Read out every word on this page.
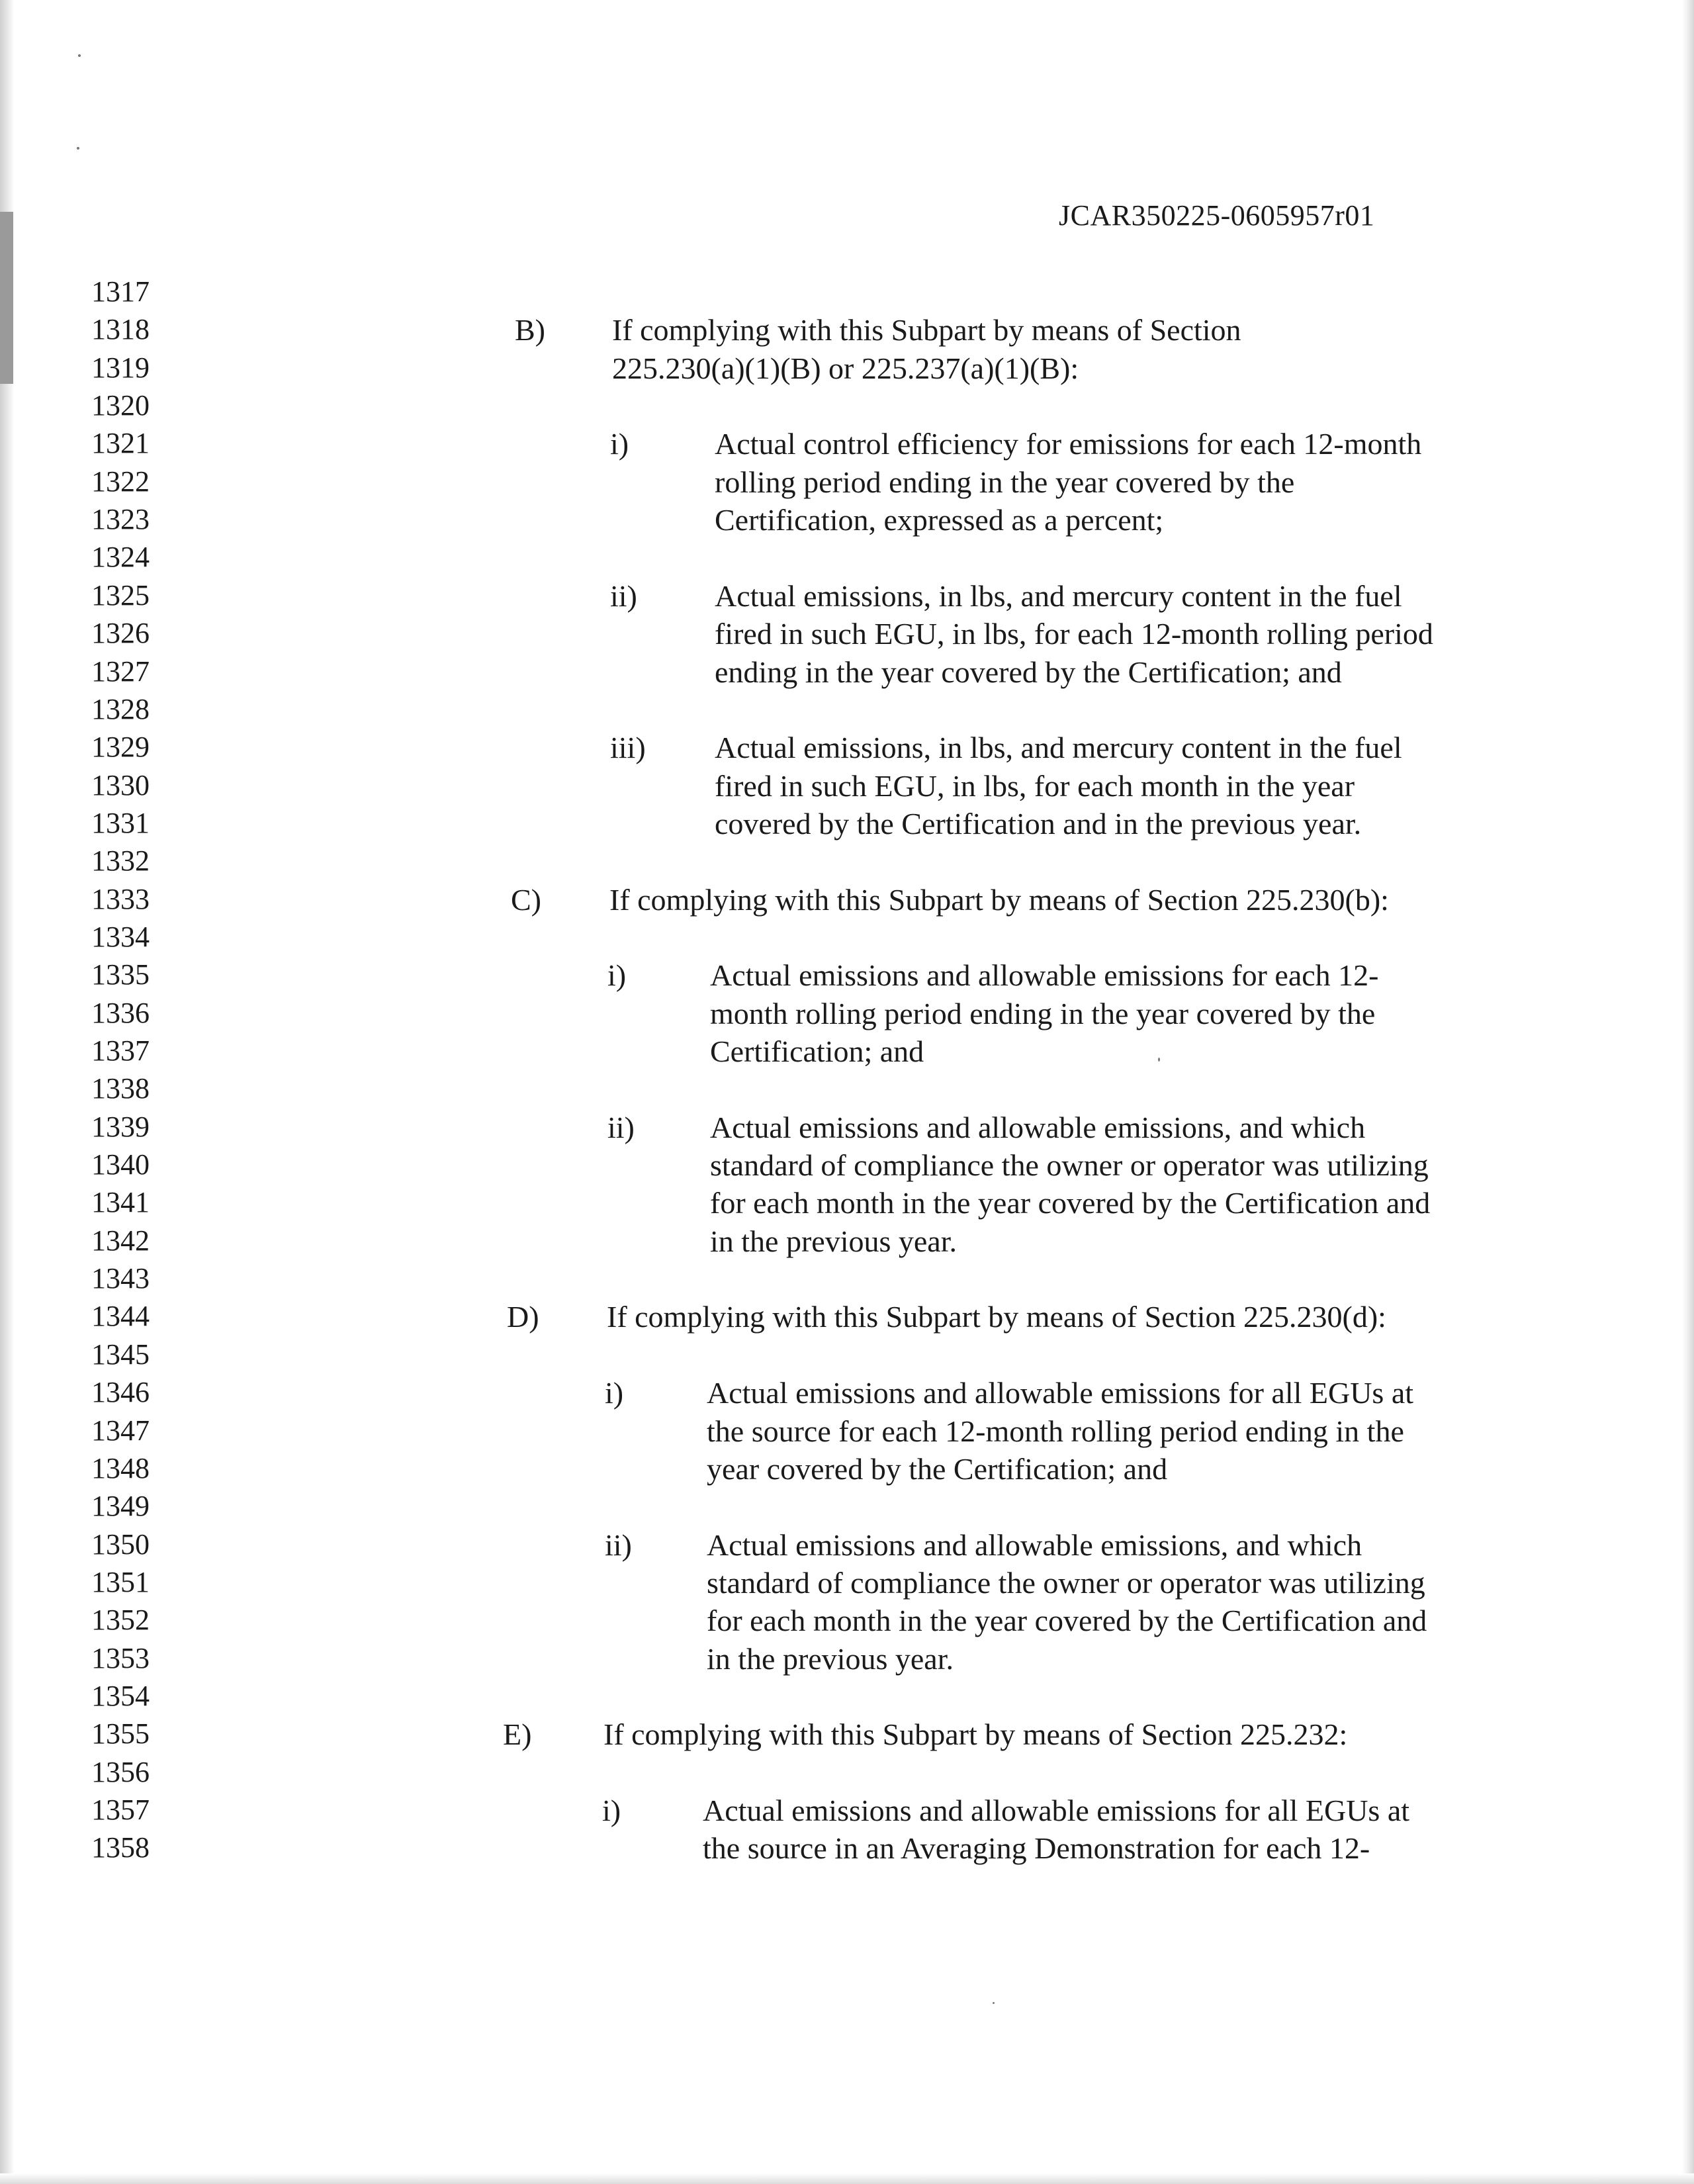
JCAR350225-0605957r01
1317
1318
1319
1320
1321
1322
1323
1324
1325
1326
1327
1328
1329
1330
1331
1332
1333
1334
1335
1336
1337
1338
1339
1340
1341
1342
1343
1344
1345
1346
1347
1348
1349
1350
1351
1352
1353
1354
1355
1356
1357
1358
B) If complying with this Subpart by means of Section
225.230(a)(1)(B) or 225.237(a)(1)(B):
i)	Actual control efficiency for emissions for each 12-month
rolling period ending in the year covered by the
Certification, expressed as a percent;
ii)	Actual emissions, in lbs, and mercury content in the fuel
fired in such EGU, in lbs, for each 12-month rolling period
ending in the year covered by the Certification; and
iii) Actual emissions, in lbs, and mercury content in the fuel
fired in such EGU, in lbs, for each month in the year
covered by the Certification and in the previous year.
C) If complying with this Subpart by means of Section 225.230(b):
i)	Actual emissions and allowable emissions for each 12-
month rolling period ending in the year covered by the
Certification; and
ii) Actual emissions and allowable emissions, and which
standard of compliance the owner or operator was utilizing
for each month in the year covered by the Certification and
in the previous year.
D) If complying with this Subpart by means of Section 225.230(d):
i)	Actual emissions and allowable emissions for all EGUs at
the source for each 12-month rolling period ending in the
year covered by the Certification; and
ii) Actual emissions and allowable emissions, and which
standard of compliance the owner or operator was utilizing
for each month in the year covered by the Certification and
in the previous year.
E) If complying with this Subpart by means of Section 225.232:
i)	Actual emissions and allowable emissions for all EGUs at
the source in an Averaging Demonstration for each 12-
